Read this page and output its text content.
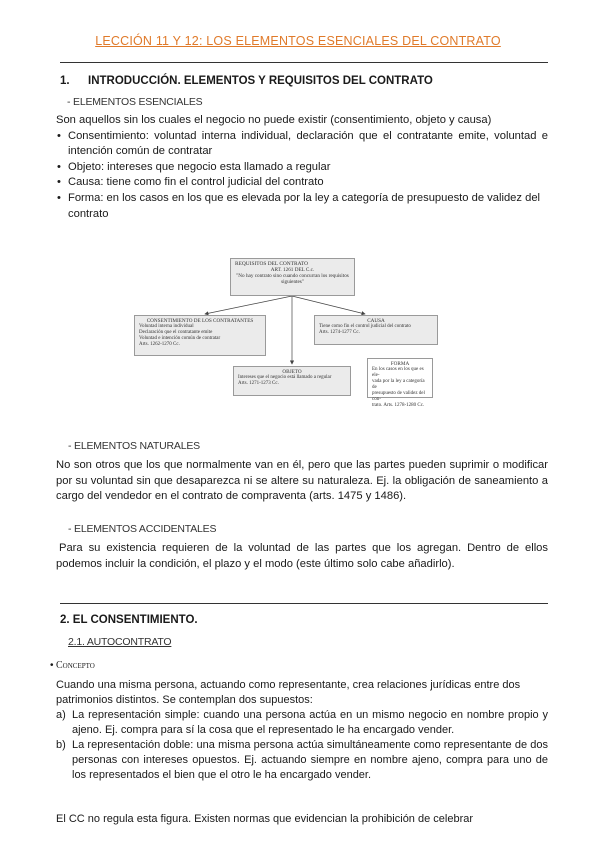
LECCIÓN 11 Y 12: LOS ELEMENTOS ESENCIALES DEL CONTRATO
1. INTRODUCCIÓN. ELEMENTOS Y REQUISITOS DEL CONTRATO
- ELEMENTOS ESENCIALES
Son aquellos sin los cuales el negocio no puede existir (consentimiento, objeto y causa)
• Consentimiento: voluntad interna individual, declaración que el contratante emite, voluntad e intención común de contratar
• Objeto: intereses que negocio esta llamado a regular
• Causa: tiene como fin el control judicial del contrato
• Forma: en los casos en los que es elevada por la ley a categoría de presupuesto de validez del contrato
REQUISITOS DEL CONTRATO
ART. 1261 DEL C.c.
"No hay contrato sino cuando concurran los requisitos siguientes"
CONSENTIMIENTO DE LOS CONTRATANTES
Voluntad interna individual
Declaración que el contratante emite
Voluntad e intención común de contratar
Arts. 1262-1270 Cc.
CAUSA
Tiene como fin el control judicial del contrato
Arts. 1274-1277 Cc.
OBJETO
Intereses que el negocio está llamado a regular
Arts. 1271-1273 Cc.
FORMA
En los casos en los que es ele-
vada por la ley a categoría de
presupuesto de validez del con-
trato. Arts. 1278-1280 Cc.
- ELEMENTOS NATURALES
No son otros que los que normalmente van en él, pero que las partes pueden suprimir o modificar por su voluntad sin que desaparezca ni se altere su naturaleza. Ej. la obligación de saneamiento a cargo del vendedor en el contrato de compraventa (arts. 1475 y 1486).
- ELEMENTOS ACCIDENTALES
Para su existencia requieren de la voluntad de las partes que los agregan. Dentro de ellos podemos incluir la condición, el plazo y el modo (este último solo cabe añadirlo).
2. EL CONSENTIMIENTO.
2.1. AUTOCONTRATO
• Concepto
Cuando una misma persona, actuando como representante, crea relaciones jurídicas entre dos patrimonios distintos. Se contemplan dos supuestos:
a) La representación simple: cuando una persona actúa en un mismo negocio en nombre propio y ajeno. Ej. compra para sí la cosa que el representado le ha encargado vender.
b) La representación doble: una misma persona actúa simultáneamente como representante de dos personas con intereses opuestos. Ej. actuando siempre en nombre ajeno, compra para uno de los representados el bien que el otro le ha encargado vender.
El CC no regula esta figura. Existen normas que evidencian la prohibición de celebrar
